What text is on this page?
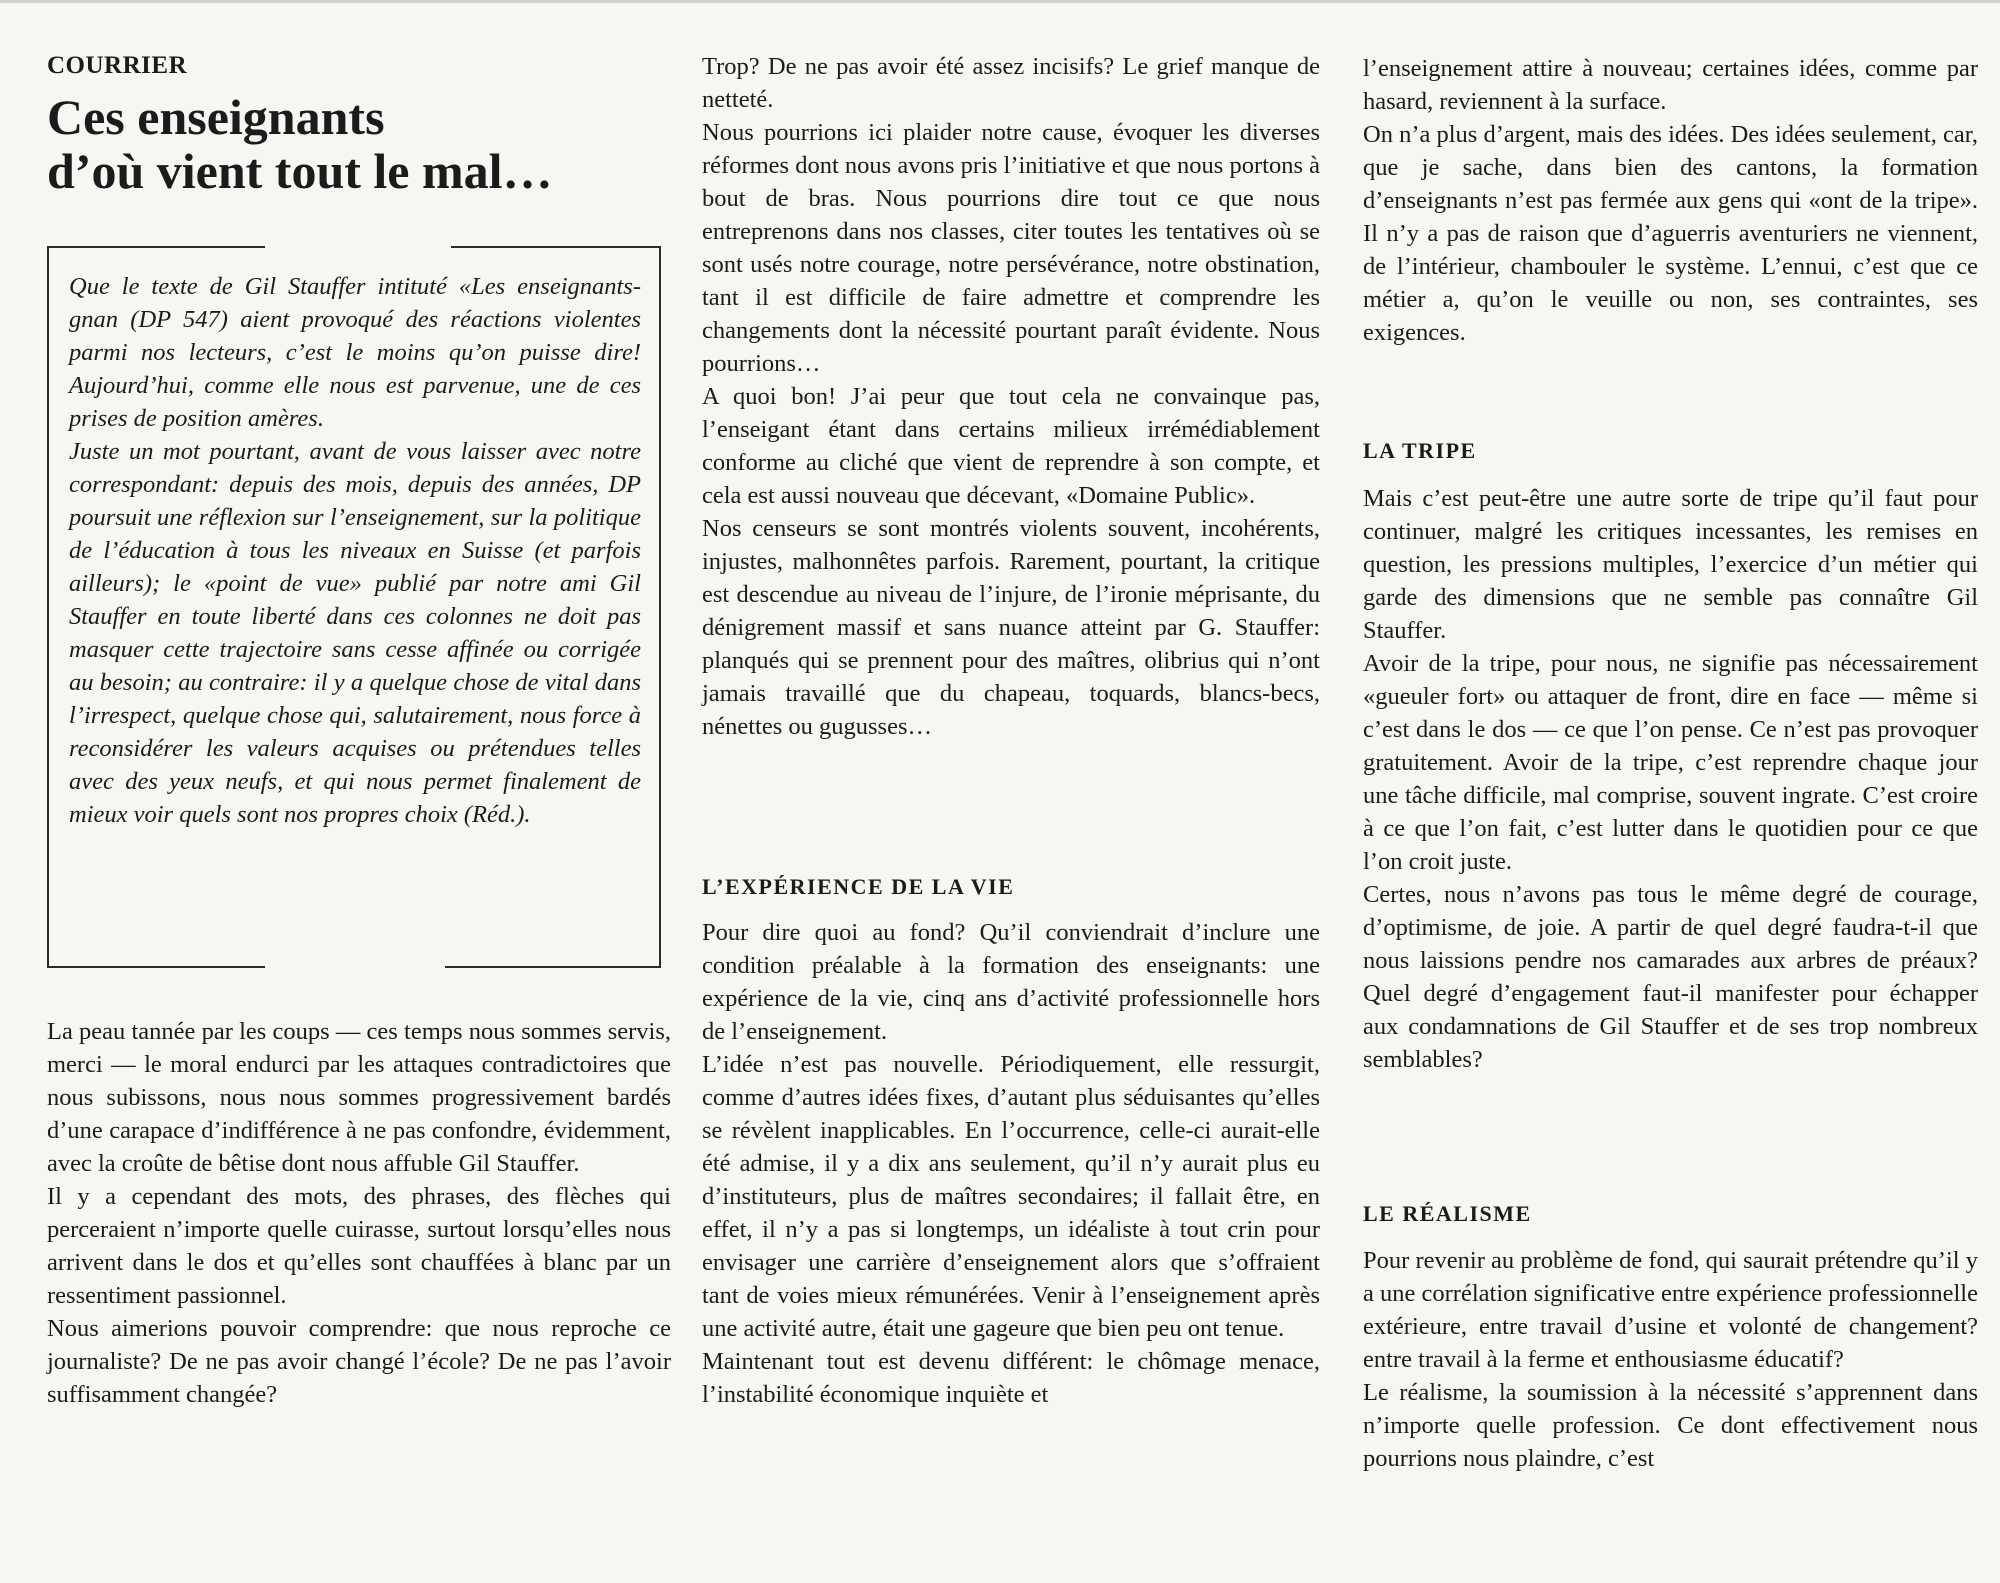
COURRIER
Ces enseignants
d’où vient tout le mal…

Que le texte de Gil Stauffer intituté «Les enseignants-gnan (DP 547) aient provoqué des réactions violentes parmi nos lecteurs, c’est le moins qu’on puisse dire! Aujourd’hui, comme elle nous est parvenue, une de ces prises de position amères.

Juste un mot pourtant, avant de vous laisser avec notre correspondant: depuis des mois, depuis des années, DP poursuit une réflexion sur l’enseignement, sur la politique de l’éducation à tous les niveaux en Suisse (et parfois ailleurs); le «point de vue» publié par notre ami Gil Stauffer en toute liberté dans ces colonnes ne doit pas masquer cette trajectoire sans cesse affinée ou corrigée au besoin; au contraire: il y a quelque chose de vital dans l’irrespect, quelque chose qui, salutairement, nous force à reconsidérer les valeurs acquises ou prétendues telles avec des yeux neufs, et qui nous permet finalement de mieux voir quels sont nos propres choix (Réd.).

La peau tannée par les coups — ces temps nous sommes servis, merci — le moral endurci par les attaques contradictoires que nous subissons, nous nous sommes progressivement bardés d’une carapace d’indifférence à ne pas confondre, évidemment, avec la croûte de bêtise dont nous affuble Gil Stauffer.

Il y a cependant des mots, des phrases, des flèches qui perceraient n’importe quelle cuirasse, surtout lorsqu’elles nous arrivent dans le dos et qu’elles sont chauffées à blanc par un ressentiment passionnel.

Nous aimerions pouvoir comprendre: que nous reproche ce journaliste? De ne pas avoir changé l’école? De ne pas l’avoir suffisamment changée?

Trop? De ne pas avoir été assez incisifs? Le grief manque de netteté.

Nous pourrions ici plaider notre cause, évoquer les diverses réformes dont nous avons pris l’initiative et que nous portons à bout de bras. Nous pourrions dire tout ce que nous entreprenons dans nos classes, citer toutes les tentatives où se sont usés notre courage, notre persévérance, notre obstination, tant il est difficile de faire admettre et comprendre les changements dont la nécessité pourtant paraît évidente. Nous pourrions…

A quoi bon! J’ai peur que tout cela ne convainque pas, l’enseigant étant dans certains milieux irrémédiablement conforme au cliché que vient de reprendre à son compte, et cela est aussi nouveau que décevant, «Domaine Public».

Nos censeurs se sont montrés violents souvent, incohérents, injustes, malhonnêtes parfois. Rarement, pourtant, la critique est descendue au niveau de l’injure, de l’ironie méprisante, du dénigrement massif et sans nuance atteint par G. Stauffer: planqués qui se prennent pour des maîtres, olibrius qui n’ont jamais travaillé que du chapeau, toquards, blancs-becs, nénettes ou gugusses…

L’EXPÉRIENCE DE LA VIE

Pour dire quoi au fond? Qu’il conviendrait d’inclure une condition préalable à la formation des enseignants: une expérience de la vie, cinq ans d’activité professionnelle hors de l’enseignement.

L’idée n’est pas nouvelle. Périodiquement, elle ressurgit, comme d’autres idées fixes, d’autant plus séduisantes qu’elles se révèlent inapplicables. En l’occurrence, celle-ci aurait-elle été admise, il y a dix ans seulement, qu’il n’y aurait plus eu d’instituteurs, plus de maîtres secondaires; il fallait être, en effet, il n’y a pas si longtemps, un idéaliste à tout crin pour envisager une carrière d’enseignement alors que s’offraient tant de voies mieux rémunérées. Venir à l’enseignement après une activité autre, était une gageure que bien peu ont tenue.

Maintenant tout est devenu différent: le chômage menace, l’instabilité économique inquiète et

l’enseignement attire à nouveau; certaines idées, comme par hasard, reviennent à la surface.

On n’a plus d’argent, mais des idées. Des idées seulement, car, que je sache, dans bien des cantons, la formation d’enseignants n’est pas fermée aux gens qui «ont de la tripe». Il n’y a pas de raison que d’aguerris aventuriers ne viennent, de l’intérieur, chambouler le système. L’ennui, c’est que ce métier a, qu’on le veuille ou non, ses contraintes, ses exigences.

LA TRIPE

Mais c’est peut-être une autre sorte de tripe qu’il faut pour continuer, malgré les critiques incessantes, les remises en question, les pressions multiples, l’exercice d’un métier qui garde des dimensions que ne semble pas connaître Gil Stauffer.

Avoir de la tripe, pour nous, ne signifie pas nécessairement «gueuler fort» ou attaquer de front, dire en face — même si c’est dans le dos — ce que l’on pense. Ce n’est pas provoquer gratuitement. Avoir de la tripe, c’est reprendre chaque jour une tâche difficile, mal comprise, souvent ingrate. C’est croire à ce que l’on fait, c’est lutter dans le quotidien pour ce que l’on croit juste.

Certes, nous n’avons pas tous le même degré de courage, d’optimisme, de joie. A partir de quel degré faudra-t-il que nous laissions pendre nos camarades aux arbres de préaux? Quel degré d’engagement faut-il manifester pour échapper aux condamnations de Gil Stauffer et de ses trop nombreux semblables?

LE RÉALISME

Pour revenir au problème de fond, qui saurait prétendre qu’il y a une corrélation significative entre expérience professionnelle extérieure, entre travail d’usine et volonté de changement? entre travail à la ferme et enthousiasme éducatif?

Le réalisme, la soumission à la nécessité s’apprennent dans n’importe quelle profession. Ce dont effectivement nous pourrions nous plaindre, c’est
